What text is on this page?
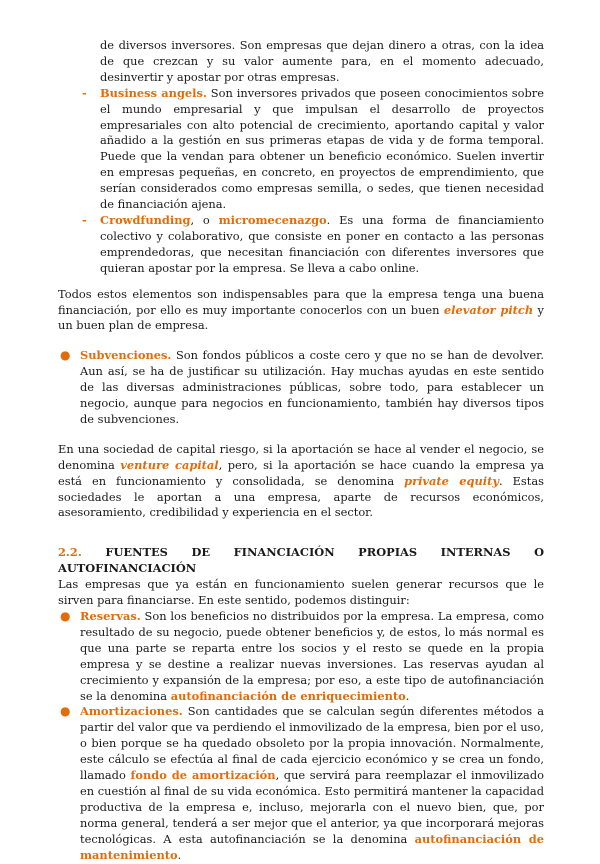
de diversos inversores. Son empresas que dejan dinero a otras, con la idea de que crezcan y su valor aumente para, en el momento adecuado, desinvertir y apostar por otras empresas.

- Business angels. Son inversores privados que poseen conocimientos sobre el mundo empresarial y que impulsan el desarrollo de proyectos empresariales con alto potencial de crecimiento, aportando capital y valor añadido a la gestión en sus primeras etapas de vida y de forma temporal. Puede que la vendan para obtener un beneficio económico. Suelen invertir en empresas pequeñas, en concreto, en proyectos de emprendimiento, que serían considerados como empresas semilla, o sedes, que tienen necesidad de financiación ajena.

- Crowdfunding, o micromecenazgo. Es una forma de financiamiento colectivo y colaborativo, que consiste en poner en contacto a las personas emprendedoras, que necesitan financiación con diferentes inversores que quieran apostar por la empresa. Se lleva a cabo online.

Todos estos elementos son indispensables para que la empresa tenga una buena financiación, por ello es muy importante conocerlos con un buen elevator pitch y un buen plan de empresa.

● Subvenciones. Son fondos públicos a coste cero y que no se han de devolver. Aun así, se ha de justificar su utilización. Hay muchas ayudas en este sentido de las diversas administraciones públicas, sobre todo, para establecer un negocio, aunque para negocios en funcionamiento, también hay diversos tipos de subvenciones.

En una sociedad de capital riesgo, si la aportación se hace al vender el negocio, se denomina venture capital, pero, si la aportación se hace cuando la empresa ya está en funcionamiento y consolidada, se denomina private equity. Estas sociedades le aportan a una empresa, aparte de recursos económicos, asesoramiento, credibilidad y experiencia en el sector.

2.2. FUENTES DE FINANCIACIÓN PROPIAS INTERNAS O

AUTOFINANCIACIÓN

Las empresas que ya están en funcionamiento suelen generar recursos que le sirven para financiarse. En este sentido, podemos distinguir:

● Reservas. Son los beneficios no distribuidos por la empresa. La empresa, como resultado de su negocio, puede obtener beneficios y, de estos, lo más normal es que una parte se reparta entre los socios y el resto se quede en la propia empresa y se destine a realizar nuevas inversiones. Las reservas ayudan al crecimiento y expansión de la empresa; por eso, a este tipo de autofinanciación se la denomina autofinanciación de enriquecimiento.

● Amortizaciones. Son cantidades que se calculan según diferentes métodos a partir del valor que va perdiendo el inmovilizado de la empresa, bien por el uso, o bien porque se ha quedado obsoleto por la propia innovación. Normalmente, este cálculo se efectúa al final de cada ejercicio económico y se crea un fondo, llamado fondo de amortización, que servirá para reemplazar el inmovilizado en cuestión al final de su vida económica. Esto permitirá mantener la capacidad productiva de la empresa e, incluso, mejorarla con el nuevo bien, que, por norma general, tenderá a ser mejor que el anterior, ya que incorporará mejoras tecnológicas. A esta autofinanciación se la denomina autofinanciación de mantenimiento.
